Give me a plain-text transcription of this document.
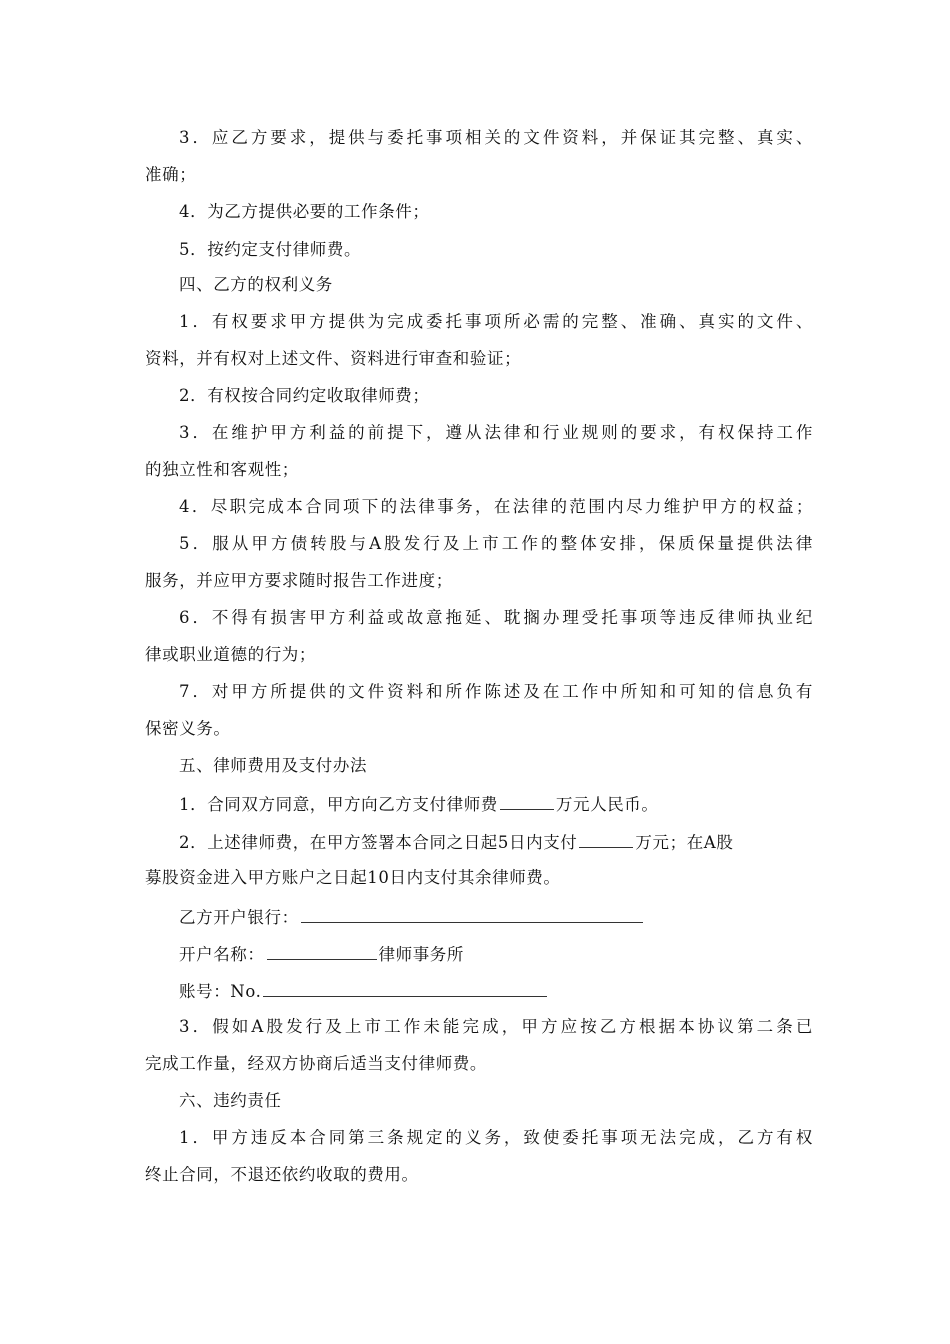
3．应乙方要求，提供与委托事项相关的文件资料，并保证其完整、真实、
准确；
4．为乙方提供必要的工作条件；
5．按约定支付律师费。
四、乙方的权利义务
1．有权要求甲方提供为完成委托事项所必需的完整、准确、真实的文件、
资料，并有权对上述文件、资料进行审查和验证；
2．有权按合同约定收取律师费；
3．在维护甲方利益的前提下，遵从法律和行业规则的要求，有权保持工作
的独立性和客观性；
4．尽职完成本合同项下的法律事务，在法律的范围内尽力维护甲方的权益；
5．服从甲方债转股与A股发行及上市工作的整体安排，保质保量提供法律
服务，并应甲方要求随时报告工作进度；
6．不得有损害甲方利益或故意拖延、耽搁办理受托事项等违反律师执业纪
律或职业道德的行为；
7．对甲方所提供的文件资料和所作陈述及在工作中所知和可知的信息负有
保密义务。
五、律师费用及支付办法
1．合同双方同意，甲方向乙方支付律师费	万元人民币。
2．上述律师费，在甲方签署本合同之日起5日内支付	万元；在A股
募股资金进入甲方账户之日起10日内支付其余律师费。
乙方开户银行：
开户名称：	律师事务所
账号：No.
3．假如A股发行及上市工作未能完成，甲方应按乙方根据本协议第二条已
完成工作量，经双方协商后适当支付律师费。
六、违约责任
1．甲方违反本合同第三条规定的义务，致使委托事项无法完成，乙方有权
终止合同，不退还依约收取的费用。
